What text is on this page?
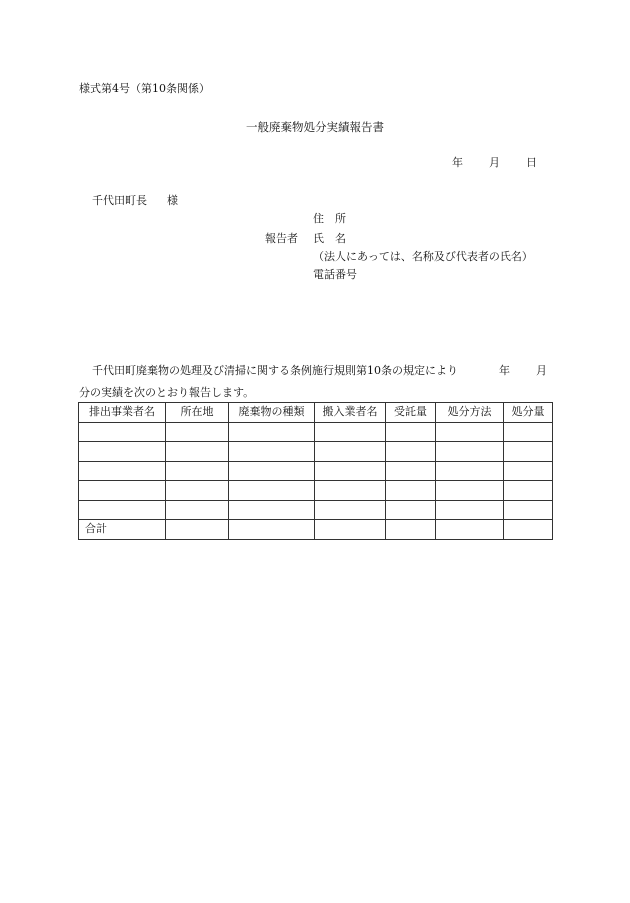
様式第4号（第10条関係）
一般廃棄物処分実績報告書
年 月 日
千代田町長 様
住　所
報告者 氏　名
（法人にあっては、名称及び代表者の氏名）
電話番号
千代田町廃棄物の処理及び清掃に関する条例施行規則第10条の規定により	年 月
分の実績を次のとおり報告します。
排出事業者名	所在地	廃棄物の種類	搬入業者名	受託量	処分方法	処分量

合計						
